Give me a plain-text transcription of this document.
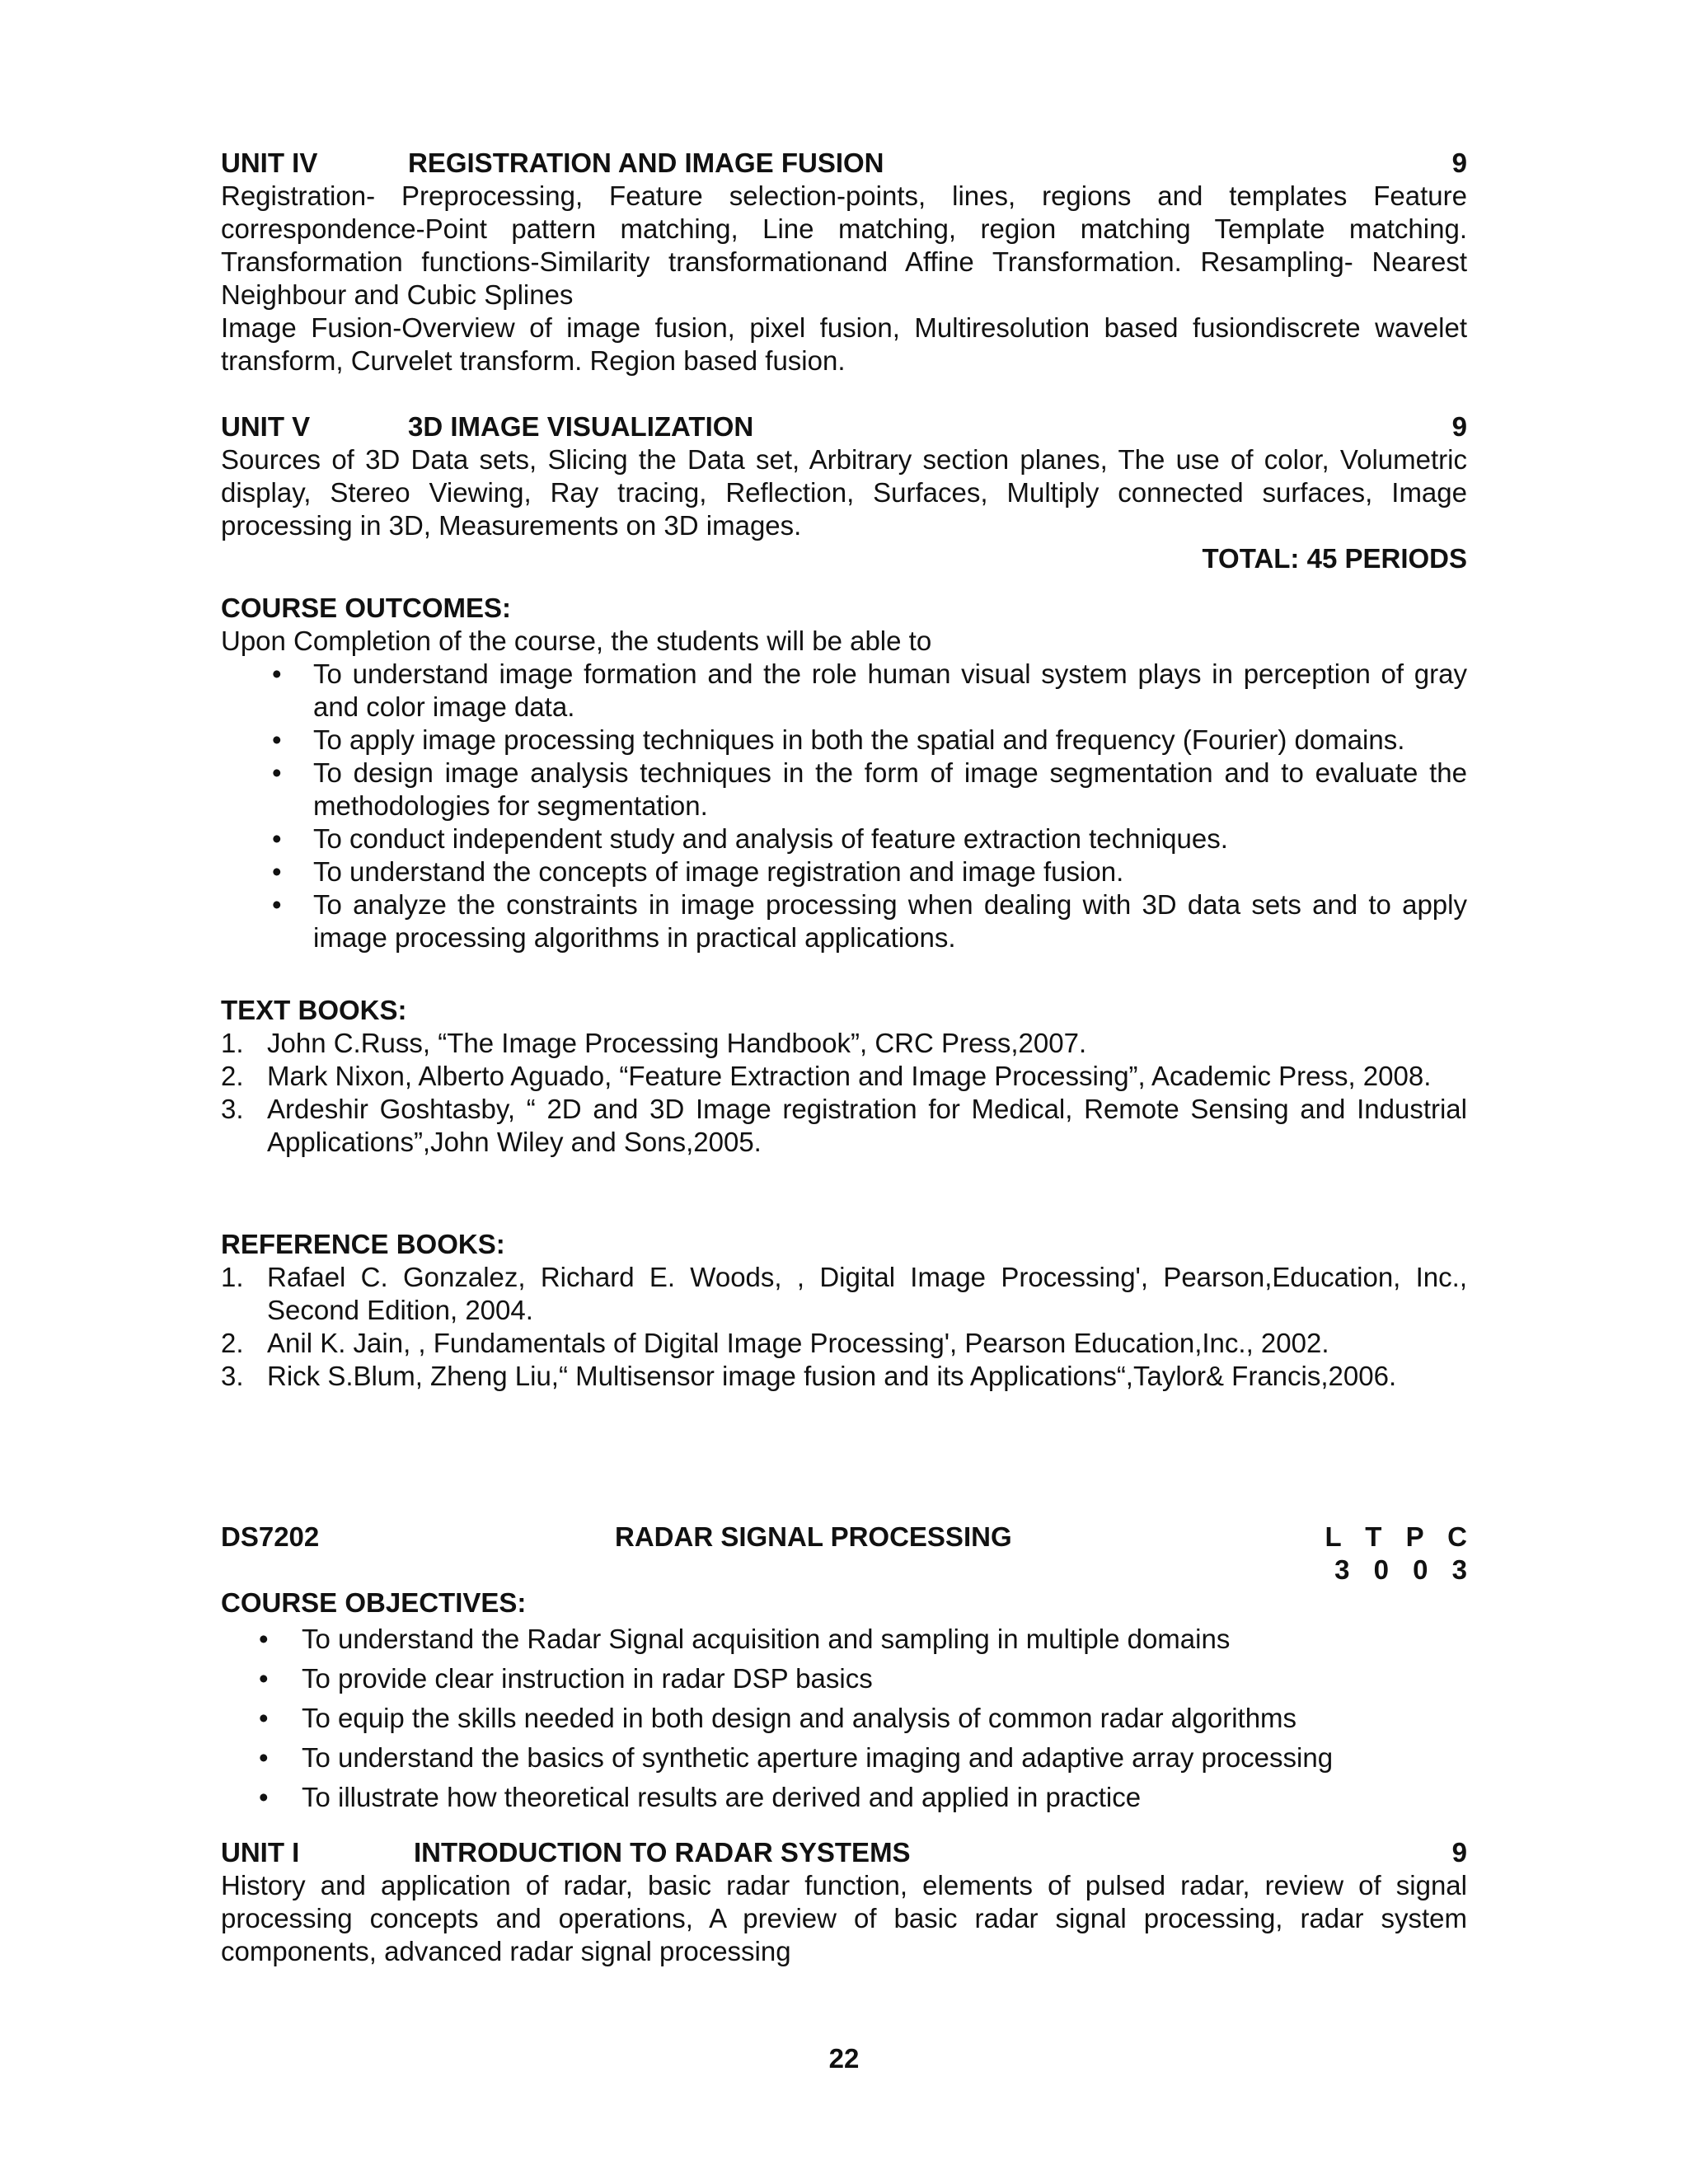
UNIT IV	REGISTRATION AND IMAGE FUSION	9

Registration- Preprocessing, Feature selection-points, lines, regions and templates Feature correspondence-Point pattern matching, Line matching, region matching Template matching. Transformation functions-Similarity transformationand Affine Transformation. Resampling- Nearest Neighbour and Cubic Splines

Image Fusion-Overview of image fusion, pixel fusion, Multiresolution based fusiondiscrete wavelet transform, Curvelet transform. Region based fusion.

UNIT V	3D IMAGE VISUALIZATION	9

Sources of 3D Data sets, Slicing the Data set, Arbitrary section planes, The use of color, Volumetric display, Stereo Viewing, Ray tracing, Reflection, Surfaces, Multiply connected surfaces, Image processing in 3D, Measurements on 3D images.

TOTAL: 45 PERIODS

COURSE OUTCOMES:

Upon Completion of the course, the students will be able to

• To understand image formation and the role human visual system plays in perception of gray and color image data.
• To apply image processing techniques in both the spatial and frequency (Fourier) domains.
• To design image analysis techniques in the form of image segmentation and to evaluate the methodologies for segmentation.
• To conduct independent study and analysis of feature extraction techniques.
• To understand the concepts of image registration and image fusion.
• To analyze the constraints in image processing when dealing with 3D data sets and to apply image processing algorithms in practical applications.

TEXT BOOKS:

1. John C.Russ, “The Image Processing Handbook”, CRC Press,2007.
2. Mark Nixon, Alberto Aguado, “Feature Extraction and Image Processing”, Academic Press, 2008.
3. Ardeshir Goshtasby, “ 2D and 3D Image registration for Medical, Remote Sensing and Industrial Applications”,John Wiley and Sons,2005.

REFERENCE BOOKS:

1. Rafael C. Gonzalez, Richard E. Woods, , Digital Image Processing', Pearson,Education, Inc., Second Edition, 2004.
2. Anil K. Jain, , Fundamentals of Digital Image Processing', Pearson Education,Inc., 2002.
3. Rick S.Blum, Zheng Liu,“ Multisensor image fusion and its Applications“,Taylor& Francis,2006.
DS7202	RADAR SIGNAL PROCESSING	L T P C
3 0 0 3

COURSE OBJECTIVES:

• To understand the Radar Signal acquisition and sampling in multiple domains
• To provide clear instruction in radar DSP basics
• To equip the skills needed in both design and analysis of common radar algorithms
• To understand the basics of synthetic aperture imaging and adaptive array processing
• To illustrate how theoretical results are derived and applied in practice
UNIT I	INTRODUCTION TO RADAR SYSTEMS	9

History and application of radar, basic radar function, elements of pulsed radar, review of signal processing concepts and operations, A preview of basic radar signal processing, radar system components, advanced radar signal processing

22
